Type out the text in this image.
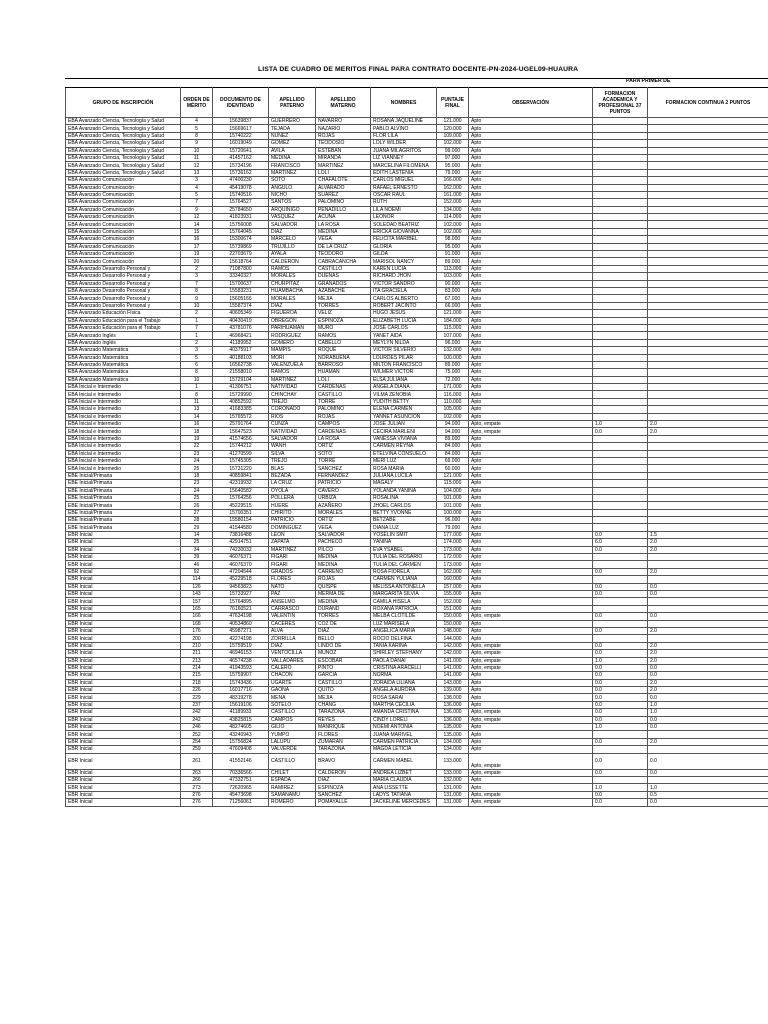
LISTA DE CUADRO DE MERITOS FINAL PARA CONTRATO DOCENTE-PN-2024-UGEL09-HUAURA
PARA PRIMER DE
GRUPO DE INSCRIPCIÓN	ORDEN DE MÉRITO	DOCUMENTO DE IDENTIDAD	APELLIDO PATERNO	APELLIDO MATERNO	NOMBRES	PUNTAJE FINAL	OBSERVACIÓN	FORMACION ACADEMICA Y PROFESIONAL 37 PUNTOS	FORMACION CONTINUA 2 PUNTOS
EBA Avanzado Ciencia, Tecnología y Salud	4	15639837	GUERRERO	NAVARRO	ROSANA JAQUELINE	121.000	Apto		
EBA Avanzado Ciencia, Tecnología y Salud	5	15669617	TEJADA	NAZARIO	PABLO ALVINO	120.000	Apto		
EBA Avanzado Ciencia, Tecnología y Salud	8	15740222	NUÑEZ	ROJAS	FLOR LILA	109.000	Apto		
EBA Avanzado Ciencia, Tecnología y Salud	9	16019049	GOMEZ	TEODOSIO	LOLY WILDER	102.000	Apto		
EBA Avanzado Ciencia, Tecnología y Salud	10	15720641	AVILA	ESTEBAN	JUANA MILAGRITOS	99.000	Apto		
EBA Avanzado Ciencia, Tecnología y Salud	11	41457162	MEDINA	MIRANDA	LIZ VIANNEY	97.000	Apto		
EBA Avanzado Ciencia, Tecnología y Salud	12	15734196	FRANCISCO	MARTINEZ	MARCELINA FILOMENA	95.000	Apto		
EBA Avanzado Ciencia, Tecnología y Salud	13	15736162	MARTINEZ	LOLI	EDITH LASTENIA	79.000	Apto		
EBA Avanzado Comunicación	3	47400230	SOTO	CHAFALOTE	CARLOS MIGUEL	166.000	Apto		
EBA Avanzado Comunicación	4	45419078	ANGULO	ALVARADO	RAFAEL ERNESTO	162.000	Apto		
EBA Avanzado Comunicación	5	15740516	NICHO	SUAREZ	OSCAR RAUL	161.000	Apto		
EBA Avanzado Comunicación	7	15764527	SANTOS	PALOMINO	RUTH	152.000	Apto		
EBA Avanzado Comunicación	9	25784650	ARQUINIGO	PENADILLO	LILA NOEMI	134.000	Apto		
EBA Avanzado Comunicación	12	41823931	VASQUEZ	ACUÑA	LEONOR	114.000	Apto		
EBA Avanzado Comunicación	14	15756008	SALVADOR	LA ROSA	SOLEDAD BEATRIZ	102.000	Apto		
EBA Avanzado Comunicación	15	15764045	DIAZ	MEDINA	ERICKA GIOVANNA	102.000	Apto		
EBA Avanzado Comunicación	16	15300674	MARCELO	VEGA	FELICITA MARIBEL	98.000	Apto		
EBA Avanzado Comunicación	17	15739869	TRUJILLO	DE LA CRUZ	GLORIA	95.000	Apto		
EBA Avanzado Comunicación	19	22703679	AYALA	TEODORO	GILDA	91.000	Apto		
EBA Avanzado Comunicación	20	15618764	CALDERON	CABRACANCHA	MARISOL NANCY	89.000	Apto		
EBA Avanzado Desarrollo Personal y	2	71087800	RAMOS	CASTILLO	KAREN LUCIA	113.000	Apto		
EBA Avanzado Desarrollo Personal y	3	33340327	MORALES	DUEÑAS	RICHARD JHON	103.000	Apto		
EBA Avanzado Desarrollo Personal y	7	15700637	CHURPITAZ	GRANADOS	VICTOR SANDRO	90.000	Apto		
EBA Avanzado Desarrollo Personal y	8	15583231	HUAMBACHA	AZABACHE	ITA GRACIELA	83.000	Apto		
EBA Avanzado Desarrollo Personal y	9	15605166	MORALES	MEJIA	CARLOS ALBERTO	67.000	Apto		
EBA Avanzado Desarrollo Personal y	10	15587374	DIAZ	TORRES	ROBERT JACINTO	66.000	Apto		
EBA Avanzado Educación Física	2	40605349	FIGUEROA	VELIZ	HUGO JESUS	121.000	Apto		
EBA Avanzado Educación para el Trabajo	1	40430419	OBREGON	ESPINOZA	ELIZABETH LUCIA	184.000	Apto		
EBA Avanzado Educación para el Trabajo	7	43781076	PARIHUAMAN	MURO	JOSE CARLOS	115.000	Apto		
EBA Avanzado Inglés	1	46968421	RODRIGUEZ	RAMOS	YANET AIDA	107.000	Apto		
EBA Avanzado Inglés	2	41189952	GOMERO	CABELLO	MEYLYN NILDA	96.000	Apto		
EBA Avanzado Matemática	3	40375917	MAMPIS	ROQUE	VICTOR SILVERIO	132.000	Apto		
EBA Avanzado Matemática	5	40188103	MORI	NORABUENA	LOURDES PILAR	100.000	Apto		
EBA Avanzado Matemática	6	16562738	VALENZUELA	BARROSO	MILTON FRANCISCO	89.000	Apto		
EBA Avanzado Matemática	8	21558010	RAMOS	HUAMAN	WILMER VICTOR	75.000	Apto		
EBA Avanzado Matemática	10	15729104	MARTINEZ	LOLI	ELSA JULIANA	72.000	Apto		
EBA Inicial e Intermedio	1	41306751	NATIVIDAD	CARDENAS	ANGELA DIANA	171.000	Apto		
EBA Inicial e Intermedio	8	15729990	CHINCHAY	CASTILLO	VILMA ZENOBIA	116.000	Apto		
EBA Inicial e Intermedio	11	40852592	TREJO	TORRE	YUDITH BETTY	110.000	Apto		
EBA Inicial e Intermedio	13	41683385	CORONADO	PALOMINO	ELENA CARMEN	105.000	Apto		
EBA Inicial e Intermedio	14	15765572	RIOS	ROJAS	YANNET ASUNCION	102.000	Apto		
EBA Inicial e Intermedio	16	25791764	CUNZA	CAMPOS	JOSE JULIAN	94.000	Apto, empate	1.0	2.0
EBA Inicial e Intermedio	18	15647523	NATIVIDAD	CARDENAS	CECIRA MARLENI	94.000	Apto, empate	0.0	2.0
EBA Inicial e Intermedio	19	41574656	SALVADOR	LA ROSA	VANESSA VIVIANA	89.000	Apto		
EBA Inicial e Intermedio	22	15744212	WANH	ORTIZ	CARMEN REYNA	84.000	Apto		
EBA Inicial e Intermedio	23	41270599	SILVA	SOTO	ETELVINA CONSUELO	84.000	Apto		
EBA Inicial e Intermedio	24	15745305	TREJO	TORRE	MERI LUZ	69.000	Apto		
EBA Inicial e Intermedio	25	15731220	BLAS	SANCHEZ	ROSA MARIA	60.000	Apto		
EBE Inicial/Primaria	18	40859841	BEZADA	FERNANDEZ	JULIANA LUCILA	121.000	Apto		
EBE Inicial/Primaria	23	42319932	LA CRUZ	PATRICIO	MAGALY	115.000	Apto		
EBE Inicial/Primaria	24	15640582	OYOLA	CAVERO	YOLANDA YANINA	104.000	Apto		
EBE Inicial/Primaria	25	15764256	POLLERA	URBIZA	ROSALINA	101.000	Apto		
EBE Inicial/Primaria	26	45229515	HUERE	AZAÑERO	JHOEL CARLOS	101.000	Apto		
EBE Inicial/Primaria	27	15700351	CHIRITO	MORALES	BETTY YVONNE	100.000	Apto		
EBE Inicial/Primaria	28	15580154	PATRICIO	ORTIZ	BETZABE	96.000	Apto		
EBE Inicial/Primaria	29	41544580	DOMINGUEZ	VEGA	DIANA LUZ	79.000	Apto		
EBR Inicial	14	73816488	LEON	SALVADOR	YOSELIN SMIT	177.000	Apto	0.0	1.5
EBR Inicial	25	42914751	ZAPATA	PACHECO	YANINA	174.000	Apto	6.0	2.0
EBR Inicial	34	74230032	MARTINEZ	PILCO	EVA YSABEL	173.000	Apto	0.0	2.0
EBR Inicial	39	46076371	FIGARI	MEDINA	TULIA DEL ROSARIO	172.000	Apto		
EBR Inicial	46	46076370	FIGARI	MEDINA	TULIA DEL CARMEN	173.000	Apto		
EBR Inicial	92	47204544	GRADOS	CARREÑO	ROSA FIORELA	162.000	Apto	0.0	2.0
EBR Inicial	114	45229518	FLORES	ROJAS	CARMEN YULIANA	160.000	Apto		
EBR Inicial	126	94563823	ÑATO	QUISPE	MELISSA ANTONELLA	157.000	Apto	0.0	0.0
EBR Inicial	143	15733927	PAZ	MERMA DE	MARGARITA SILVIA	155.000	Apto	0.0	0.0
EBR Inicial	157	15764895	ANSELMO	MEDINA	CAMILA HISELA	152.000	Apto		
EBR Inicial	165	76160521	CARRASCO	DURAND	ROXANA PATRICIA	151.000	Apto		
EBR Inicial	166	47634198	VALENTIN	TORRES	MELBA CLOTILDE	150.000	Apto, empate	0.0	0.0
EBR Inicial	168	40534860	CACERES	COZ DE	LUZ MARISELA	150.000	Apto		
EBR Inicial	176	45987271	ALVA	DIAZ	ANGELICA MARIA	148.000	Apto	0.0	2.0
EBR Inicial	200	42274198	ZORRILLA	BELLO	ROCIO DELFINA	144.000	Apto		
EBR Inicial	210	15759519	DIAZ	LINDO DE	TANIA KARINA	142.000	Apto, empate	0.0	2.0
EBR Inicial	211	46946153	VENTOCILLA	MUÑOZ	SHIRLEY STEFHANY	142.000	Apto, empate	0.0	2.0
EBR Inicial	213	46574238	VALLADARES	ESCOBAR	PAOLA DANAI	141.000	Apto, empate	1.0	2.0
EBR Inicial	214	41943593	CALERO	PINTO	CRISTINA ARACELLI	141.000	Apto, empate	0.0	0.0
EBR Inicial	215	15759907	CHACON	GARCIA	NORMA	141.000	Apto	0.0	0.0
EBR Inicial	218	15743436	UGARTE	CASTILLO	ZORAIDA LILIANA	143.000	Apto	0.0	2.0
EBR Inicial	226	16017716	GAONA	QUITO	ANGELA AURORA	139.000	Apto	0.0	2.0
EBR Inicial	229	48319278	MENA	MEJIA	ROSA SARAI	138.000	Apto	0.0	0.0
EBR Inicial	237	15619106	SOTELO	CHANG	MARTHA CECILIA	136.000	Apto	0.0	1.0
EBR Inicial	242	41189933	CASTILLO	TARAZONA	AMANDA CRISTINA	136.000	Apto, empate	0.0	1.0
EBR Inicial	242	43825815	CAMPOS	REYES	CINDY LORELI	136.000	Apto, empate	0.0	0.0
EBR Inicial	246	48274605	GILIO	MANRIQUE	NOEMI ANTONIA	135.000	Apto	1.0	0.0
EBR Inicial	252	43240943	YUMPO	FLORES	JUANA MARIVEL	135.000	Apto		
EBR Inicial	254	15756824	LALUPU	ZUMARAN	CARMEN PATRICIA	134.000	Apto	0.0	2.0
EBR Inicial	259	47609408	VALVERDE	TARAZONA	MAGDA LETICIA	134.000	Apto		
EBR Inicial	261	41552146	CASTILLO	BRAVO	CARMEN MABEL	133.000	Apto, empate	0.0	0.0
EBR Inicial	263	70336566	CHILET	CALDERON	ANDREA LIZBET	133.000	Apto, empate	0.0	0.0
EBR Inicial	266	47332751	ESPADA	DIAZ	MARIA CLAUDIA	132.000	Apto		
EBR Inicial	273	72620965	RAMIREZ	ESPINOZA	ANA LISSETTE	131.000	Apto	1.0	1.0
EBR Inicial	276	45473698	SAMANAMU	SANCHEZ	LADYS TATIANA	131.000	Apto, empate	0.0	0.5
EBR Inicial	276	71256061	ROMERO	POMAYALLE	JACKELINE MERCEDES	131.000	Apto, empate	0.0	0.0
